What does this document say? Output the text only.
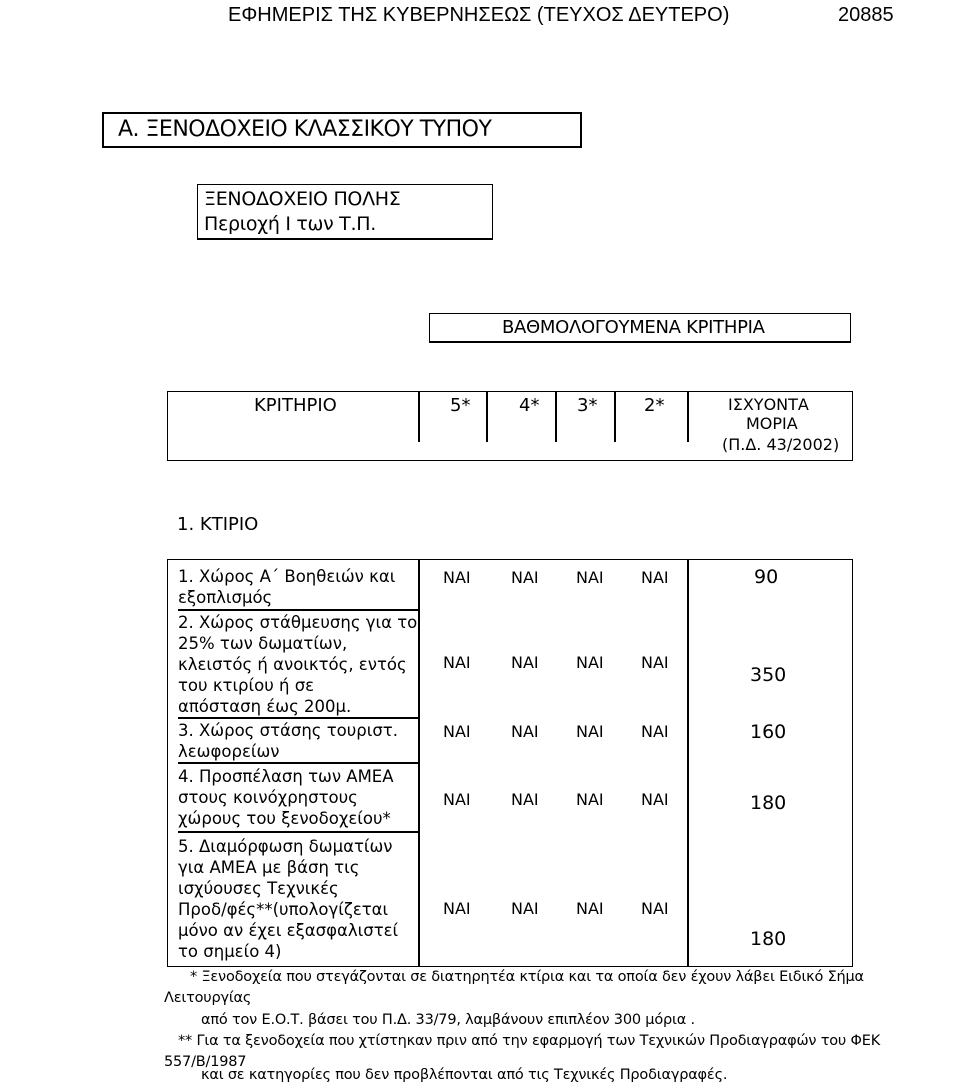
ΕΦΗΜΕΡΙΣ ΤΗΣ ΚΥΒΕΡΝΗΣΕΩΣ (ΤΕΥΧΟΣ ΔΕΥΤΕΡΟ)	20885
Α. ΞΕΝΟΔΟΧΕΙΟ ΚΛΑΣΣΙΚΟΥ ΤΥΠΟΥ
ΞΕΝΟΔΟΧΕΙΟ ΠΟΛΗΣ
Περιοχή Ι των Τ.Π.
ΒΑΘΜΟΛΟΓΟΥΜΕΝΑ ΚΡΙΤΗΡΙΑ
ΚΡΙΤΗΡΙΟ	5*	4* 3*	2*	ΙΣΧΥΟΝΤΑ
ΜΟΡΙΑ
(Π.Δ. 43/2002)
1. ΚΤΙΡΙΟ
1. Χώρος Α΄ Βοηθειών και
εξοπλισμός
ΝΑΙ	ΝΑΙ ΝΑΙ ΝΑΙ	90
2. Χώρος στάθμευσης για το
25% των δωματίων,
κλειστός ή ανοικτός, εντός
του κτιρίου ή σε
απόσταση έως 200μ.
ΝΑΙ	ΝΑΙ ΝΑΙ ΝΑΙ
350
3. Χώρος στάσης τουριστ.
λεωφορείων
ΝΑΙ	ΝΑΙ ΝΑΙ ΝΑΙ	160
4. Προσπέλαση των ΑΜΕΑ
στους κοινόχρηστους
χώρους του ξενοδοχείου*
ΝΑΙ	ΝΑΙ ΝΑΙ ΝΑΙ	180
5. Διαμόρφωση δωματίων
για ΑΜΕΑ με βάση τις
ισχύουσες Τεχνικές
Προδ/φές**(υπολογίζεται
μόνο αν έχει εξασφαλιστεί
το σημείο 4)
ΝΑΙ	ΝΑΙ ΝΑΙ ΝΑΙ
180
* Ξενοδοχεία που στεγάζονται σε διατηρητέα κτίρια και τα οποία δεν έχουν λάβει Ειδικό Σήμα
Λειτουργίας
από τον Ε.Ο.Τ. βάσει του Π.Δ. 33/79, λαμβάνουν επιπλέον 300 μόρια .
** Για τα ξενοδοχεία που χτίστηκαν πριν από την εφαρμογή των Τεχνικών Προδιαγραφών του ΦΕΚ
557/Β/1987
και σε κατηγορίες που δεν προβλέπονται από τις Τεχνικές Προδιαγραφές.
